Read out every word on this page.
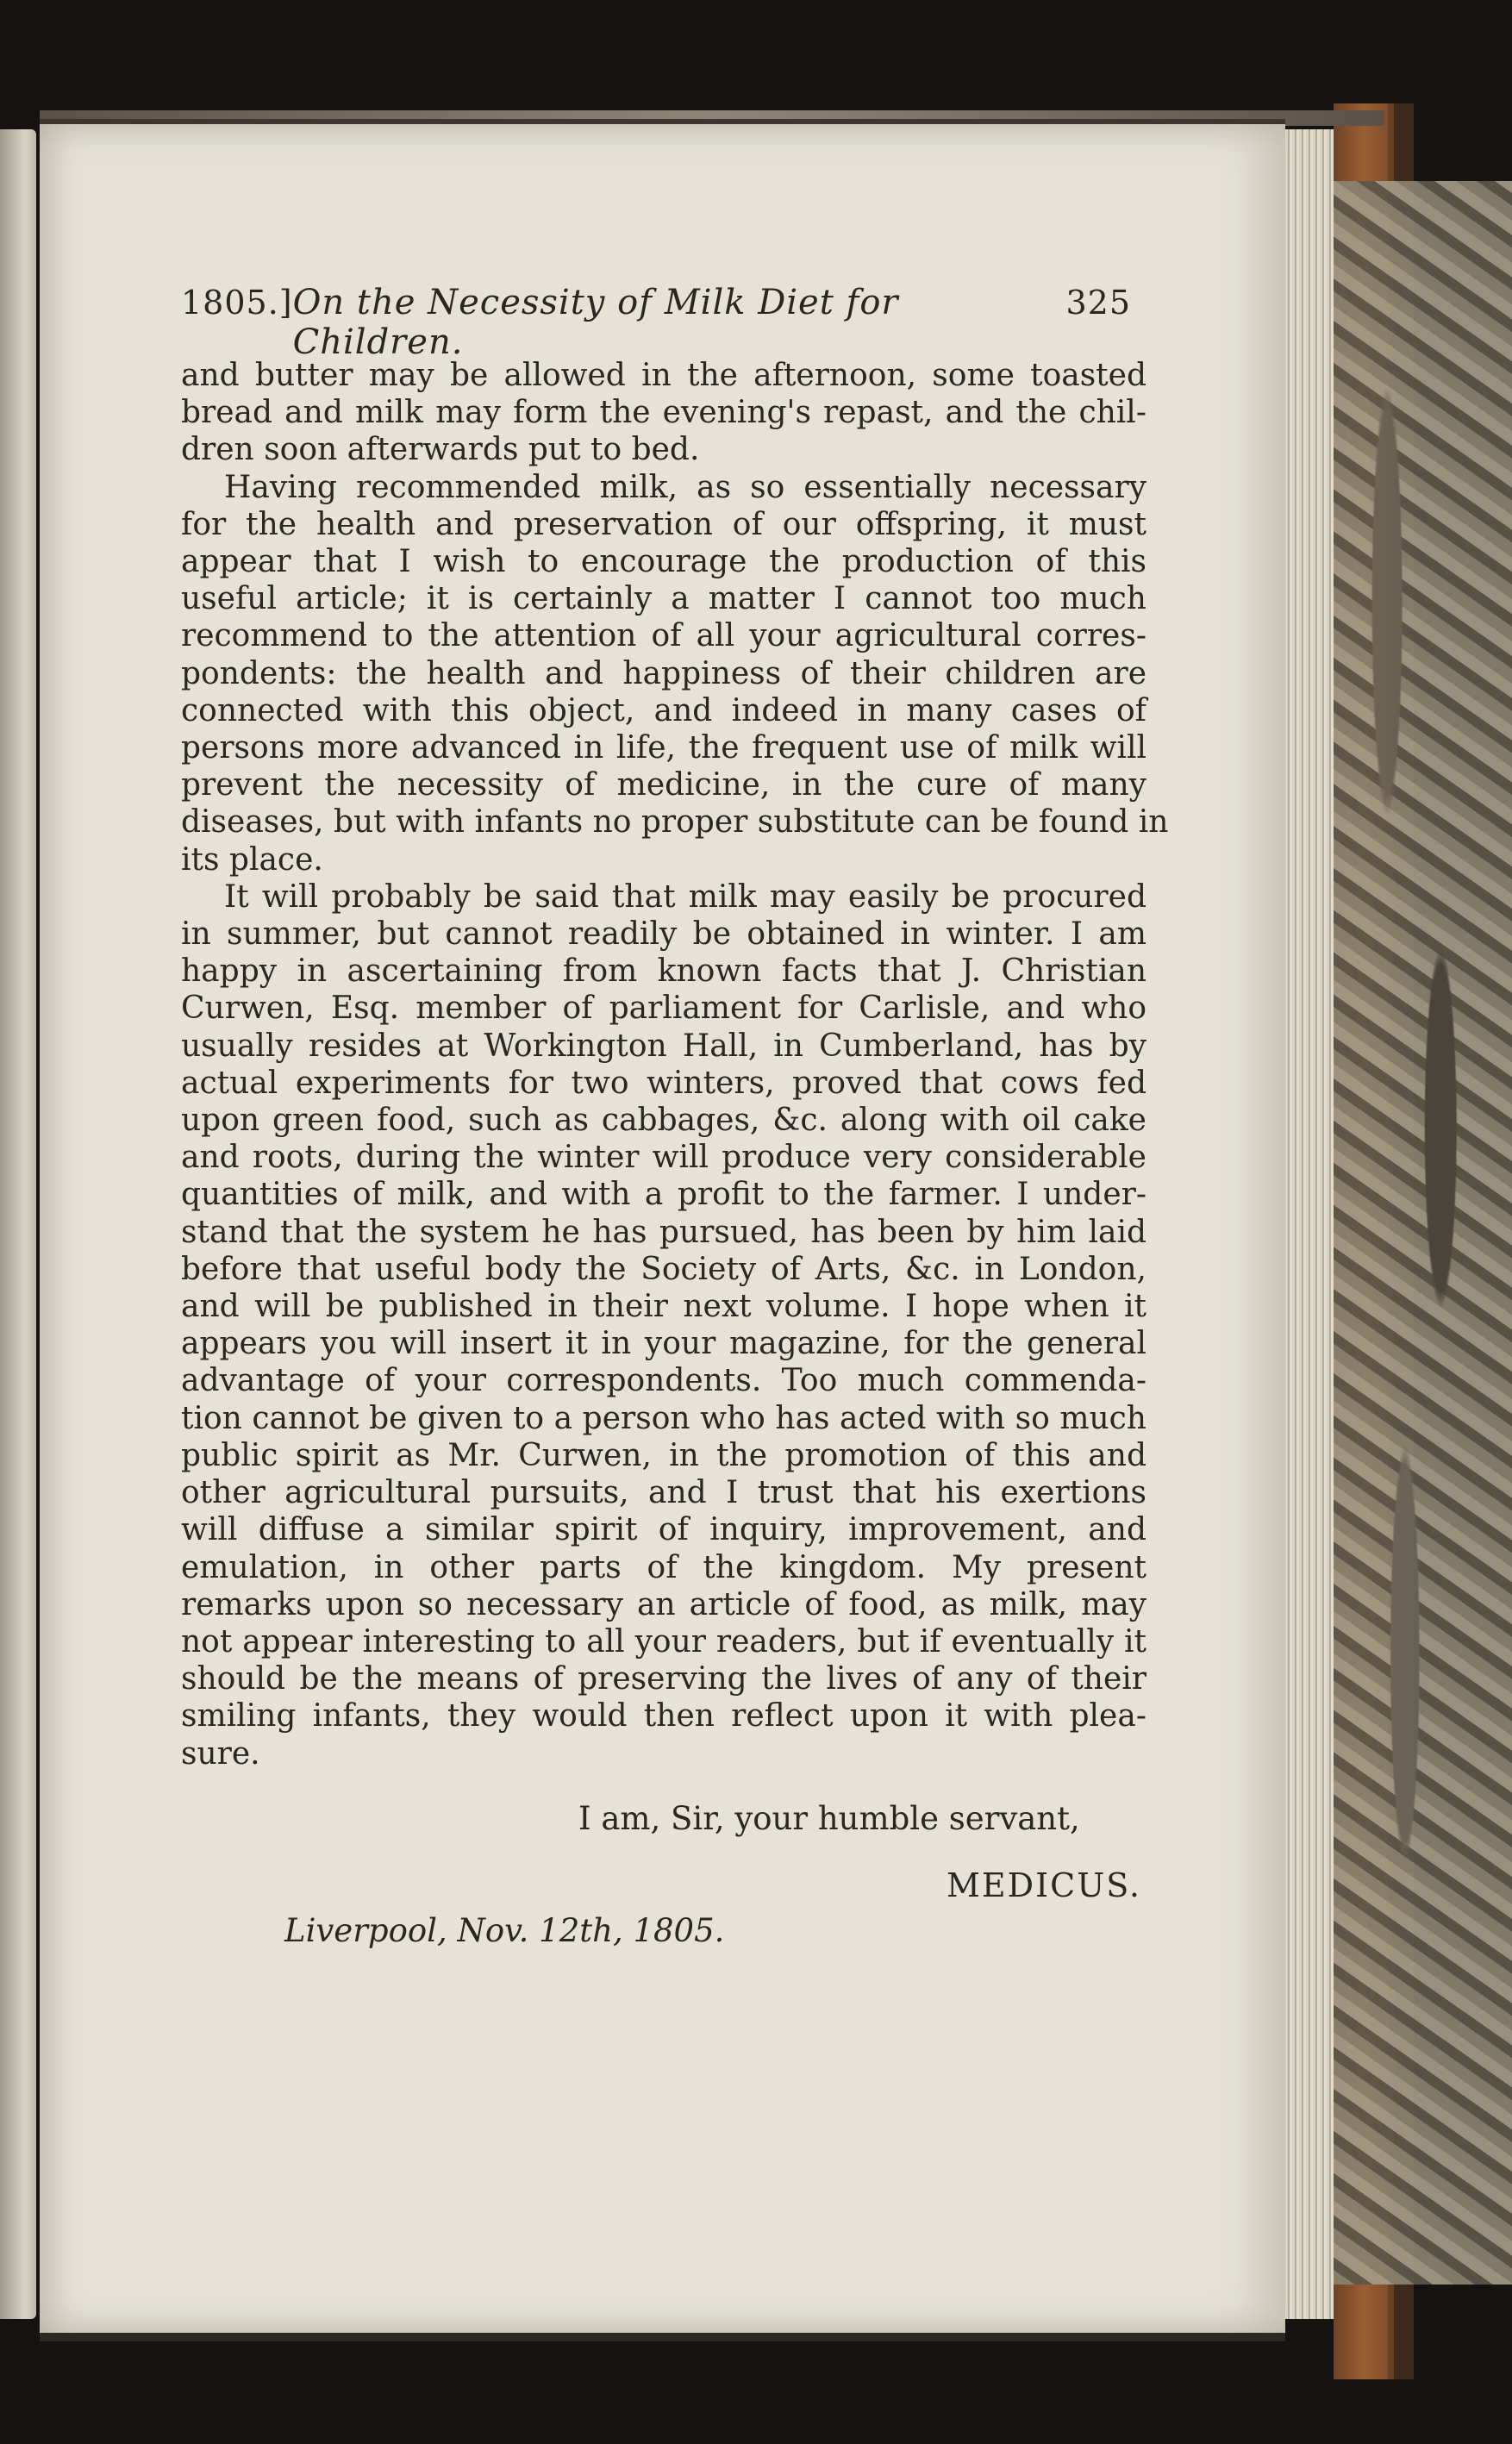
1805.] On the Necessity of Milk Diet for Children.
325
and butter may be allowed in the afternoon, some toasted
bread and milk may form the evening's repast, and the chil-
dren soon afterwards put to bed.
Having recommended milk, as so essentially necessary
for the health and preservation of our offspring, it must
appear that I wish to encourage the production of this
useful article; it is certainly a matter I cannot too much
recommend to the attention of all your agricultural corres-
pondents: the health and happiness of their children are
connected with this object, and indeed in many cases of
persons more advanced in life, the frequent use of milk will
prevent the necessity of medicine, in the cure of many
diseases, but with infants no proper substitute can be found in
its place.
It will probably be said that milk may easily be procured
in summer, but cannot readily be obtained in winter. I am
happy in ascertaining from known facts that J. Christian
Curwen, Esq. member of parliament for Carlisle, and who
usually resides at Workington Hall, in Cumberland, has by
actual experiments for two winters, proved that cows fed
upon green food, such as cabbages, &c. along with oil cake
and roots, during the winter will produce very considerable
quantities of milk, and with a profit to the farmer. I under-
stand that the system he has pursued, has been by him laid
before that useful body the Society of Arts, &c. in London,
and will be published in their next volume. I hope when it
appears you will insert it in your magazine, for the general
advantage of your correspondents. Too much commenda-
tion cannot be given to a person who has acted with so much
public spirit as Mr. Curwen, in the promotion of this and
other agricultural pursuits, and I trust that his exertions
will diffuse a similar spirit of inquiry, improvement, and
emulation, in other parts of the kingdom. My present
remarks upon so necessary an article of food, as milk, may
not appear interesting to all your readers, but if eventually it
should be the means of preserving the lives of any of their
smiling infants, they would then reflect upon it with plea-
sure.
I am, Sir, your humble servant,
MEDICUS.
Liverpool, Nov. 12th, 1805.
